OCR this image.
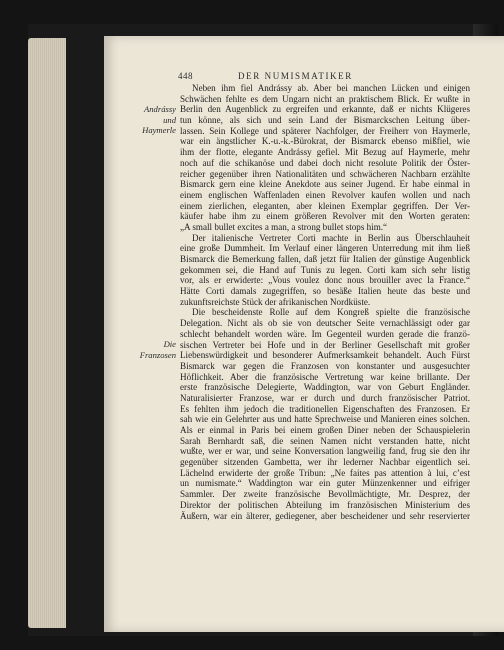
448	DER NUMISMATIKER
Andrássy
und
Haymerle
Die
Franzosen
Neben ihm fiel Andrássy ab. Aber bei manchen Lücken und einigen
Schwächen fehlte es dem Ungarn nicht an praktischem Blick. Er wußte in
Berlin den Augenblick zu ergreifen und erkannte, daß er nichts Klügeres
tun könne, als sich und sein Land der Bismarckschen Leitung über-
lassen. Sein Kollege und späterer Nachfolger, der Freiherr von Haymerle,
war ein ängstlicher K.-u.-k.-Bürokrat, der Bismarck ebenso mißfiel, wie
ihm der flotte, elegante Andrássy gefiel. Mit Bezug auf Haymerle, mehr
noch auf die schikanöse und dabei doch nicht resolute Politik der Öster-
reicher gegenüber ihren Nationalitäten und schwächeren Nachbarn erzählte
Bismarck gern eine kleine Anekdote aus seiner Jugend. Er habe einmal in
einem englischen Waffenladen einen Revolver kaufen wollen und nach
einem zierlichen, eleganten, aber kleinen Exemplar gegriffen. Der Ver-
käufer habe ihm zu einem größeren Revolver mit den Worten geraten:
„A small bullet excites a man, a strong bullet stops him.“
Der italienische Vertreter Corti machte in Berlin aus Überschlauheit
eine große Dummheit. Im Verlauf einer längeren Unterredung mit ihm ließ
Bismarck die Bemerkung fallen, daß jetzt für Italien der günstige Augenblick
gekommen sei, die Hand auf Tunis zu legen. Corti kam sich sehr listig
vor, als er erwiderte: „Vous voulez donc nous brouiller avec la France.“
Hätte Corti damals zugegriffen, so besäße Italien heute das beste und
zukunftsreichste Stück der afrikanischen Nordküste.
Die bescheidenste Rolle auf dem Kongreß spielte die französische
Delegation. Nicht als ob sie von deutscher Seite vernachlässigt oder gar
schlecht behandelt worden wäre. Im Gegenteil wurden gerade die franzö-
sischen Vertreter bei Hofe und in der Berliner Gesellschaft mit großer
Liebenswürdigkeit und besonderer Aufmerksamkeit behandelt. Auch Fürst
Bismarck war gegen die Franzosen von konstanter und ausgesuchter
Höflichkeit. Aber die französische Vertretung war keine brillante. Der
erste französische Delegierte, Waddington, war von Geburt Engländer.
Naturalisierter Franzose, war er durch und durch französischer Patriot.
Es fehlten ihm jedoch die traditionellen Eigenschaften des Franzosen. Er
sah wie ein Gelehrter aus und hatte Sprechweise und Manieren eines solchen.
Als er einmal in Paris bei einem großen Diner neben der Schauspielerin
Sarah Bernhardt saß, die seinen Namen nicht verstanden hatte, nicht
wußte, wer er war, und seine Konversation langweilig fand, frug sie den ihr
gegenüber sitzenden Gambetta, wer ihr lederner Nachbar eigentlich sei.
Lächelnd erwiderte der große Tribun: „Ne faites pas attention à lui, c’est
un numismate.“ Waddington war ein guter Münzenkenner und eifriger
Sammler. Der zweite französische Bevollmächtigte, Mr. Desprez, der
Direktor der politischen Abteilung im französischen Ministerium des
Äußern, war ein älterer, gediegener, aber bescheidener und sehr reservierter
